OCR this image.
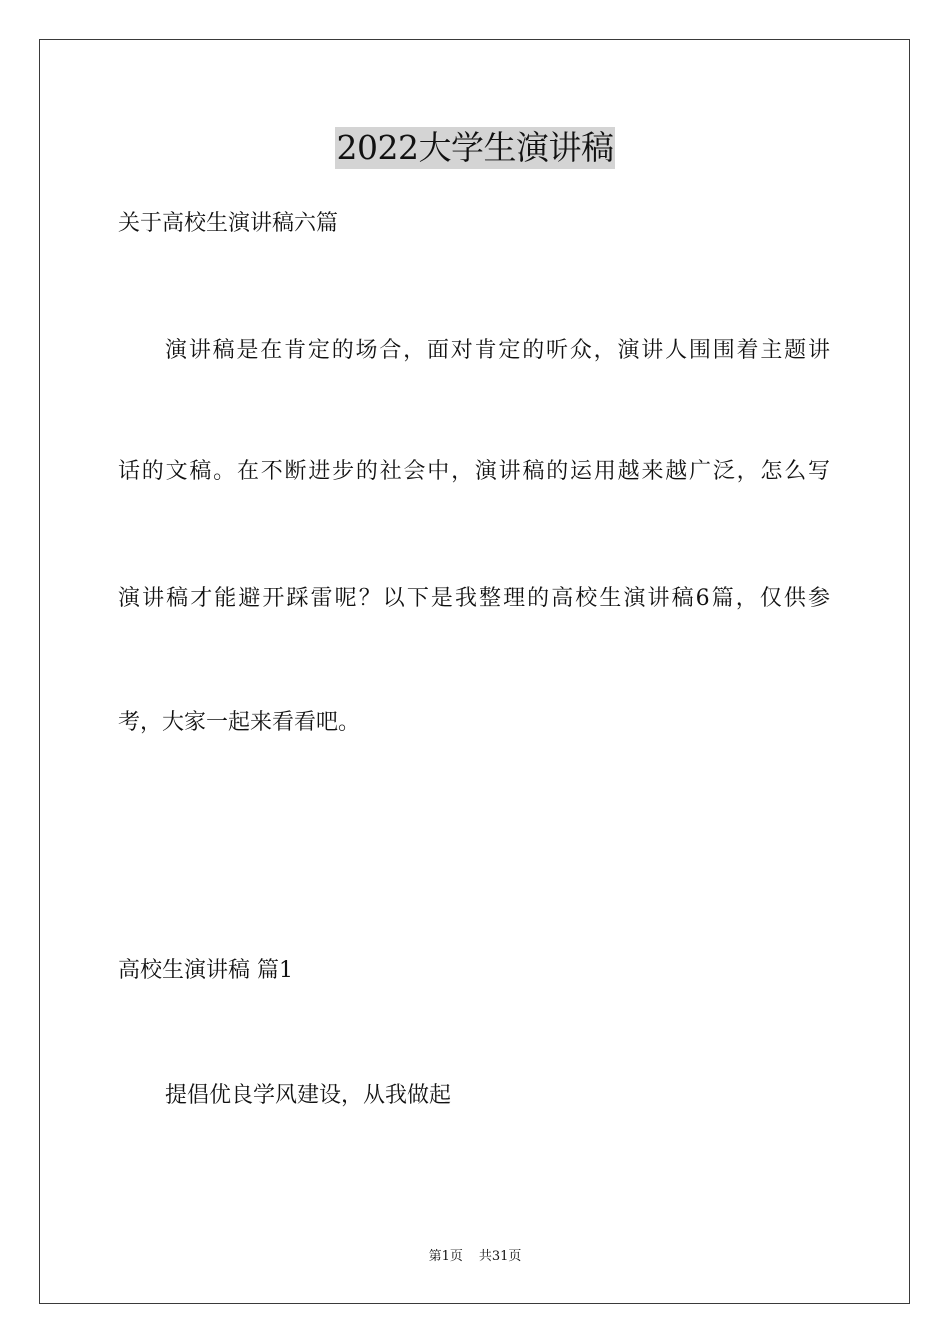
2022大学生演讲稿
关于高校生演讲稿六篇
演讲稿是在肯定的场合，面对肯定的听众，演讲人围围着主题讲
话的文稿。在不断进步的社会中，演讲稿的运用越来越广泛，怎么写
演讲稿才能避开踩雷呢？以下是我整理的高校生演讲稿6篇，仅供参
考，大家一起来看看吧。
高校生演讲稿 篇1
提倡优良学风建设，从我做起
第1页 共31页
